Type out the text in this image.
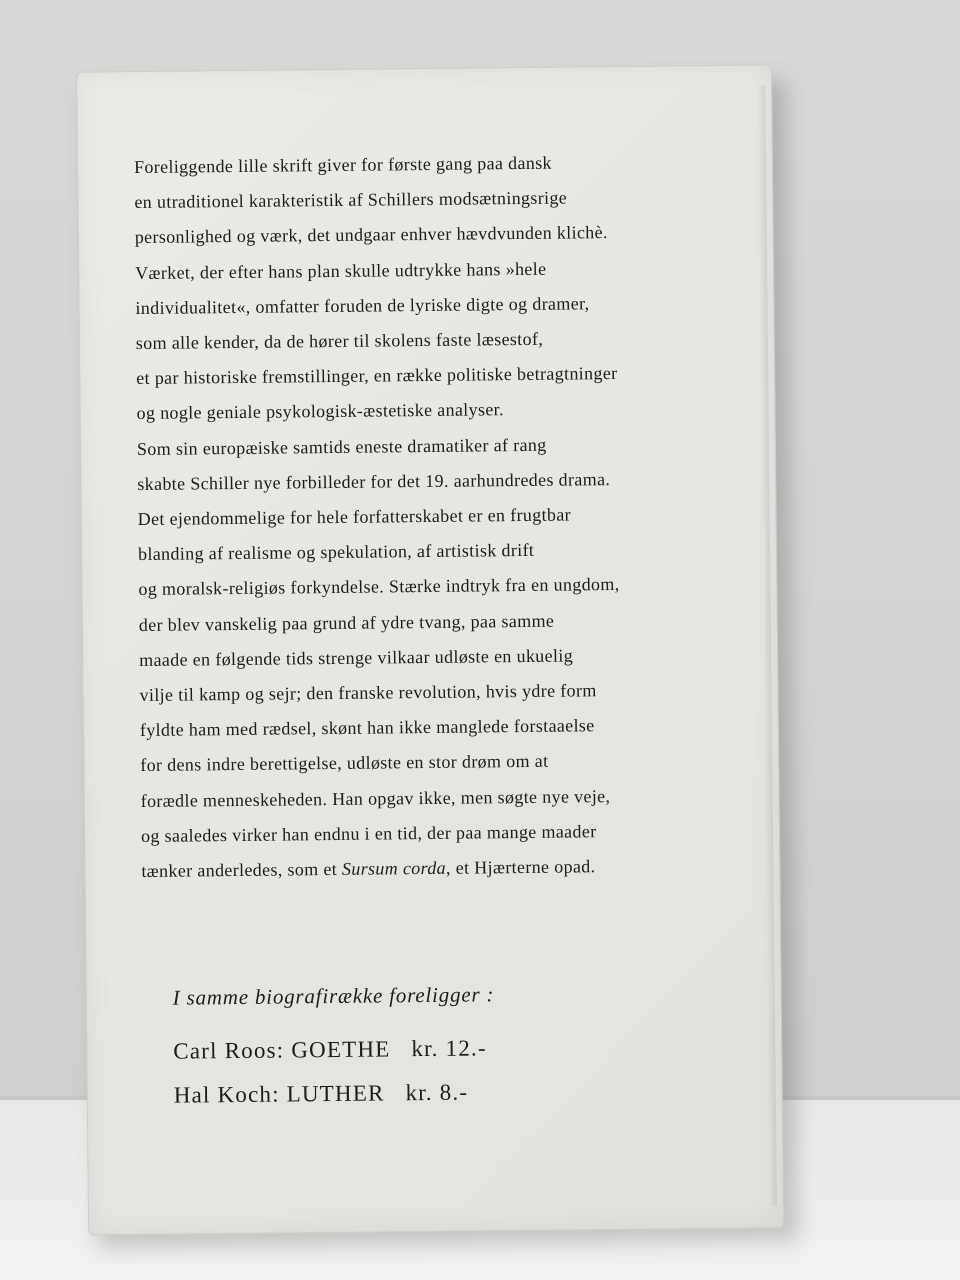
Foreliggende lille skrift giver for første gang paa dansk
en utraditionel karakteristik af Schillers modsætningsrige
personlighed og værk, det undgaar enhver hævdvunden klichè.
Værket, der efter hans plan skulle udtrykke hans »hele
individualitet«, omfatter foruden de lyriske digte og dramer,
som alle kender, da de hører til skolens faste læsestof,
et par historiske fremstillinger, en række politiske betragtninger
og nogle geniale psykologisk-æstetiske analyser.
Som sin europæiske samtids eneste dramatiker af rang
skabte Schiller nye forbilleder for det 19. aarhundredes drama.
Det ejendommelige for hele forfatterskabet er en frugtbar
blanding af realisme og spekulation, af artistisk drift
og moralsk-religiøs forkyndelse. Stærke indtryk fra en ungdom,
der blev vanskelig paa grund af ydre tvang, paa samme
maade en følgende tids strenge vilkaar udløste en ukuelig
vilje til kamp og sejr; den franske revolution, hvis ydre form
fyldte ham med rædsel, skønt han ikke manglede forstaaelse
for dens indre berettigelse, udløste en stor drøm om at
forædle menneskeheden. Han opgav ikke, men søgte nye veje,
og saaledes virker han endnu i en tid, der paa mange maader
tænker anderledes, som et Sursum corda, et Hjærterne opad.
I samme biografirække foreligger :
Carl Roos: GOETHE kr. 12.-
Hal Koch: LUTHER kr. 8.-
